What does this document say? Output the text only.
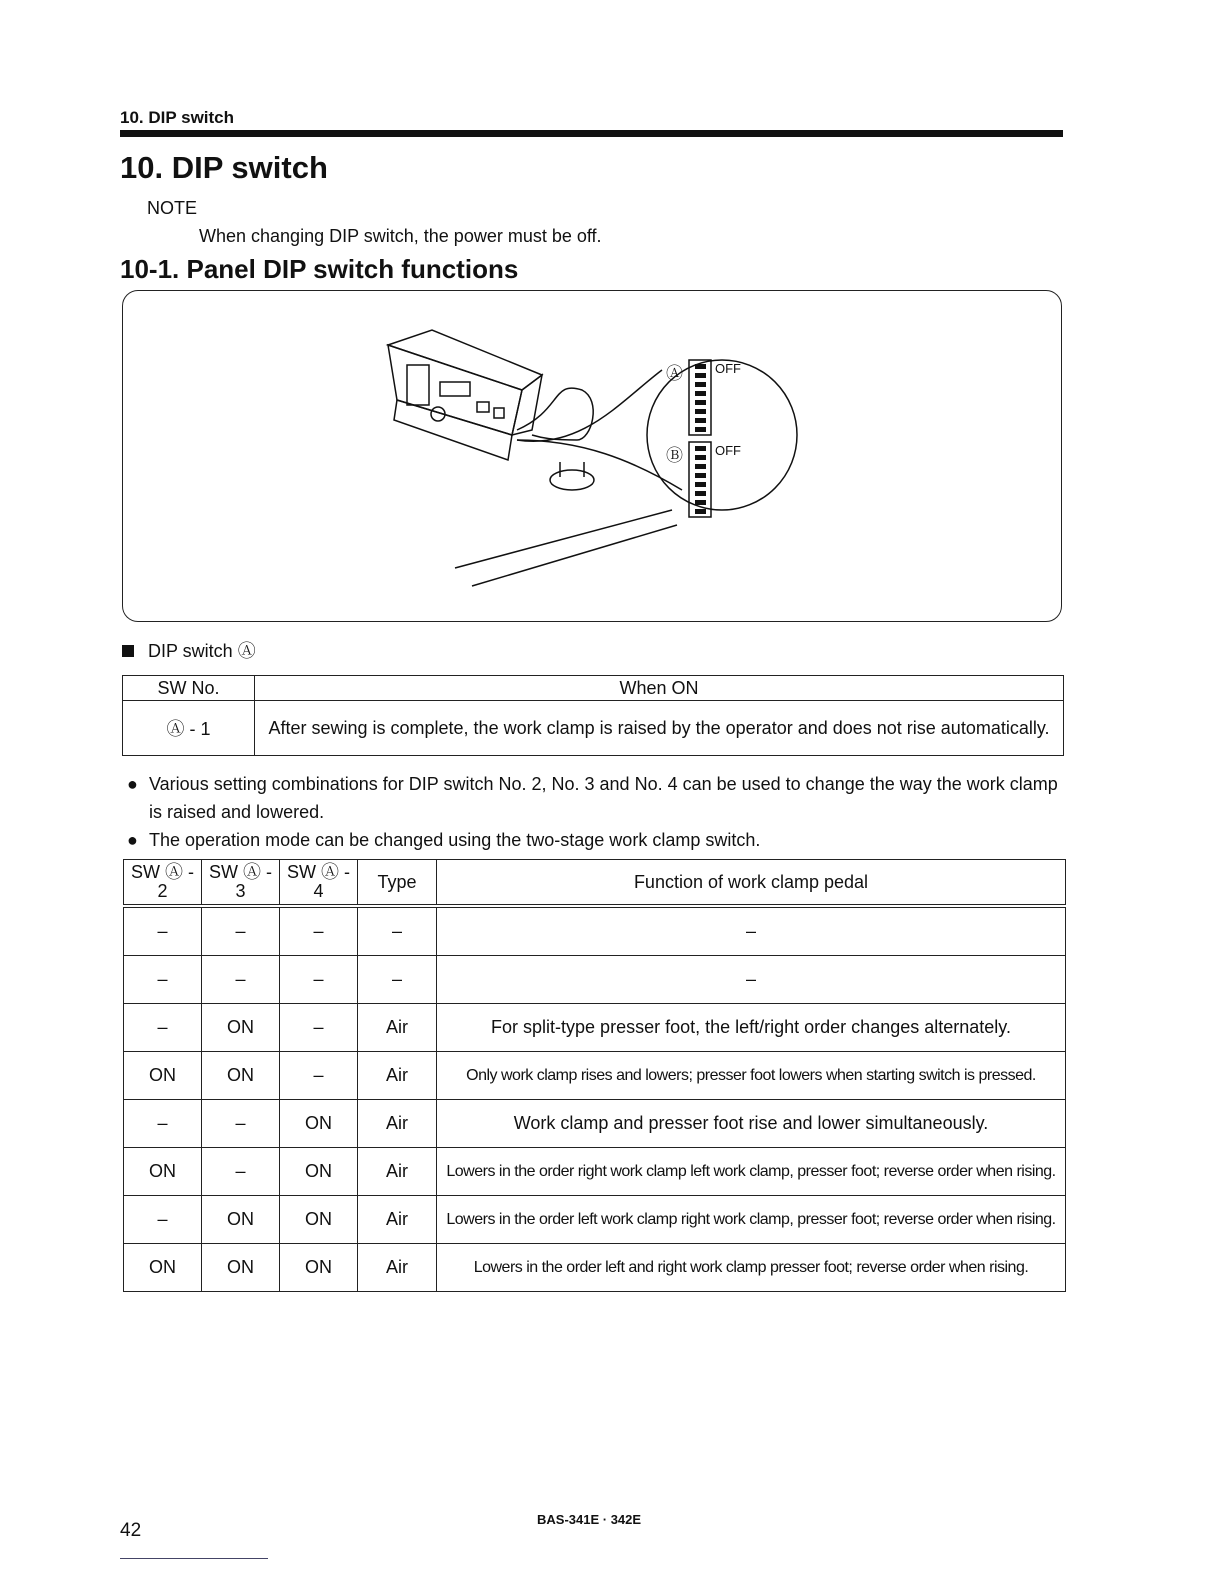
10. DIP switch
10. DIP switch
NOTE
When changing DIP switch, the power must be off.
10-1. Panel DIP switch functions
Ⓐ OFF
Ⓑ OFF
DIP switch Ⓐ
SW No.	When ON
Ⓐ - 1	After sewing is complete, the work clamp is raised by the operator and does not rise automatically.
● Various setting combinations for DIP switch No. 2, No. 3 and No. 4 can be used to change the way the work clamp is raised and lowered.
● The operation mode can be changed using the two-stage work clamp switch.
SW Ⓐ - 2	SW Ⓐ - 3	SW Ⓐ - 4	Type	Function of work clamp pedal
–	–	–	–	–
–	–	–	–	–
–	ON	–	Air	For split-type presser foot, the left/right order changes alternately.
ON	ON	–	Air	Only work clamp rises and lowers; presser foot lowers when starting switch is pressed.
–	–	ON	Air	Work clamp and presser foot rise and lower simultaneously.
ON	–	ON	Air	Lowers in the order right work clamp left work clamp, presser foot; reverse order when rising.
–	ON	ON	Air	Lowers in the order left work clamp right work clamp, presser foot; reverse order when rising.
ON	ON	ON	Air	Lowers in the order left and right work clamp presser foot; reverse order when rising.
42
BAS-341E · 342E
